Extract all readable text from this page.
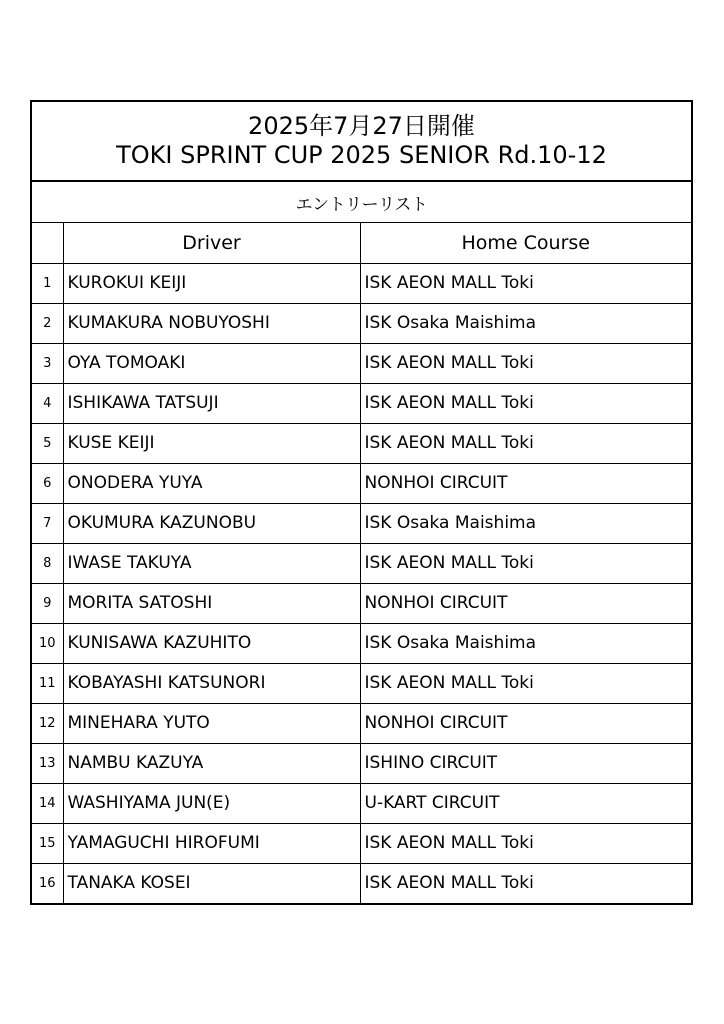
2025年7月27日開催
TOKI SPRINT CUP 2025 SENIOR Rd.10-12
エントリーリスト
	Driver	Home Course
1	KUROKUI KEIJI	ISK AEON MALL Toki
2	KUMAKURA NOBUYOSHI	ISK Osaka Maishima
3	OYA TOMOAKI	ISK AEON MALL Toki
4	ISHIKAWA TATSUJI	ISK AEON MALL Toki
5	KUSE KEIJI	ISK AEON MALL Toki
6	ONODERA YUYA	NONHOI CIRCUIT
7	OKUMURA KAZUNOBU	ISK Osaka Maishima
8	IWASE TAKUYA	ISK AEON MALL Toki
9	MORITA SATOSHI	NONHOI CIRCUIT
10	KUNISAWA KAZUHITO	ISK Osaka Maishima
11	KOBAYASHI KATSUNORI	ISK AEON MALL Toki
12	MINEHARA YUTO	NONHOI CIRCUIT
13	NAMBU KAZUYA	ISHINO CIRCUIT
14	WASHIYAMA JUN(E)	U-KART CIRCUIT
15	YAMAGUCHI HIROFUMI	ISK AEON MALL Toki
16	TANAKA KOSEI	ISK AEON MALL Toki
